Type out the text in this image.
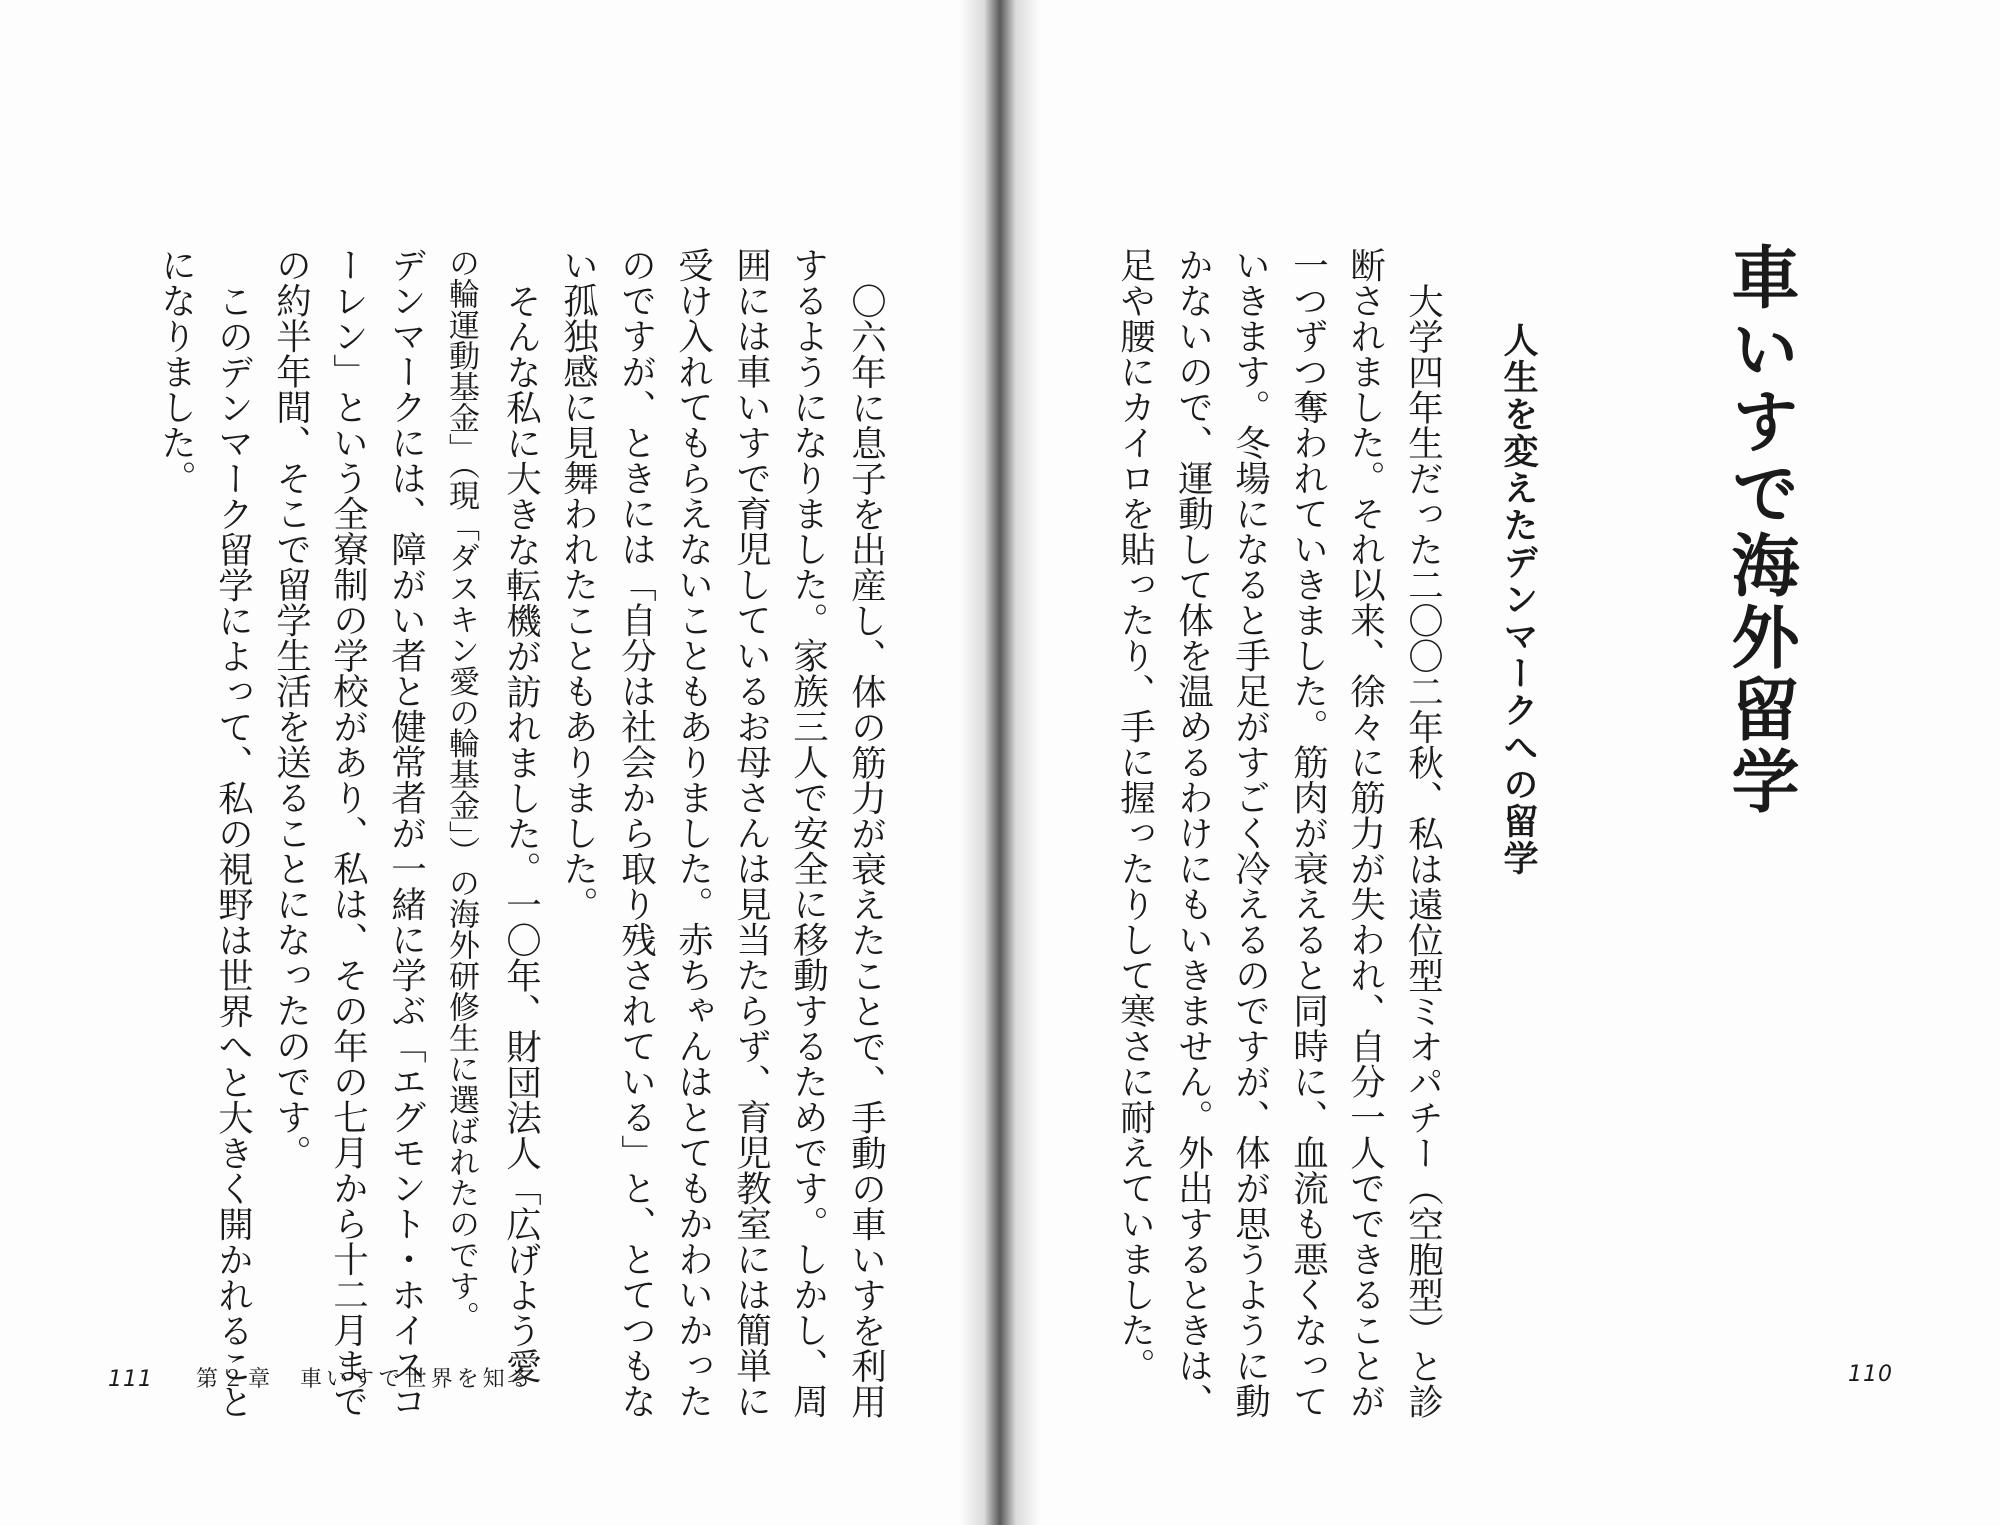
〇六年に息子を出産し、体の筋力が衰えたことで、手動の車いすを利用
するようになりました。家族三人で安全に移動するためです。しかし、周
囲には車いすで育児しているお母さんは見当たらず、育児教室には簡単に
受け入れてもらえないこともありました。赤ちゃんはとてもかわいかった
のですが、ときには「自分は社会から取り残されている」と、とてつもな
い孤独感に見舞われたこともありました。
そんな私に大きな転機が訪れました。一〇年、財団法人「広げよう愛
の輪運動基金」（現「ダスキン愛の輪基金」）の海外研修生に選ばれたのです。
デンマークには、障がい者と健常者が一緒に学ぶ「エグモント・ホイスコ
ーレン」という全寮制の学校があり、私は、その年の七月から十二月まで
の約半年間、そこで留学生活を送ることになったのです。
このデンマーク留学によって、私の視野は世界へと大きく開かれること
になりました。
111 第２章　車いすで世界を知る
車いすで海外留学
人生を変えたデンマークへの留学
大学四年生だった二〇〇二年秋、私は遠位型ミオパチー（空胞型）と診
断されました。それ以来、徐々に筋力が失われ、自分一人でできることが
一つずつ奪われていきました。筋肉が衰えると同時に、血流も悪くなって
いきます。冬場になると手足がすごく冷えるのですが、体が思うように動
かないので、運動して体を温めるわけにもいきません。外出するときは、
足や腰にカイロを貼ったり、手に握ったりして寒さに耐えていました。	110
